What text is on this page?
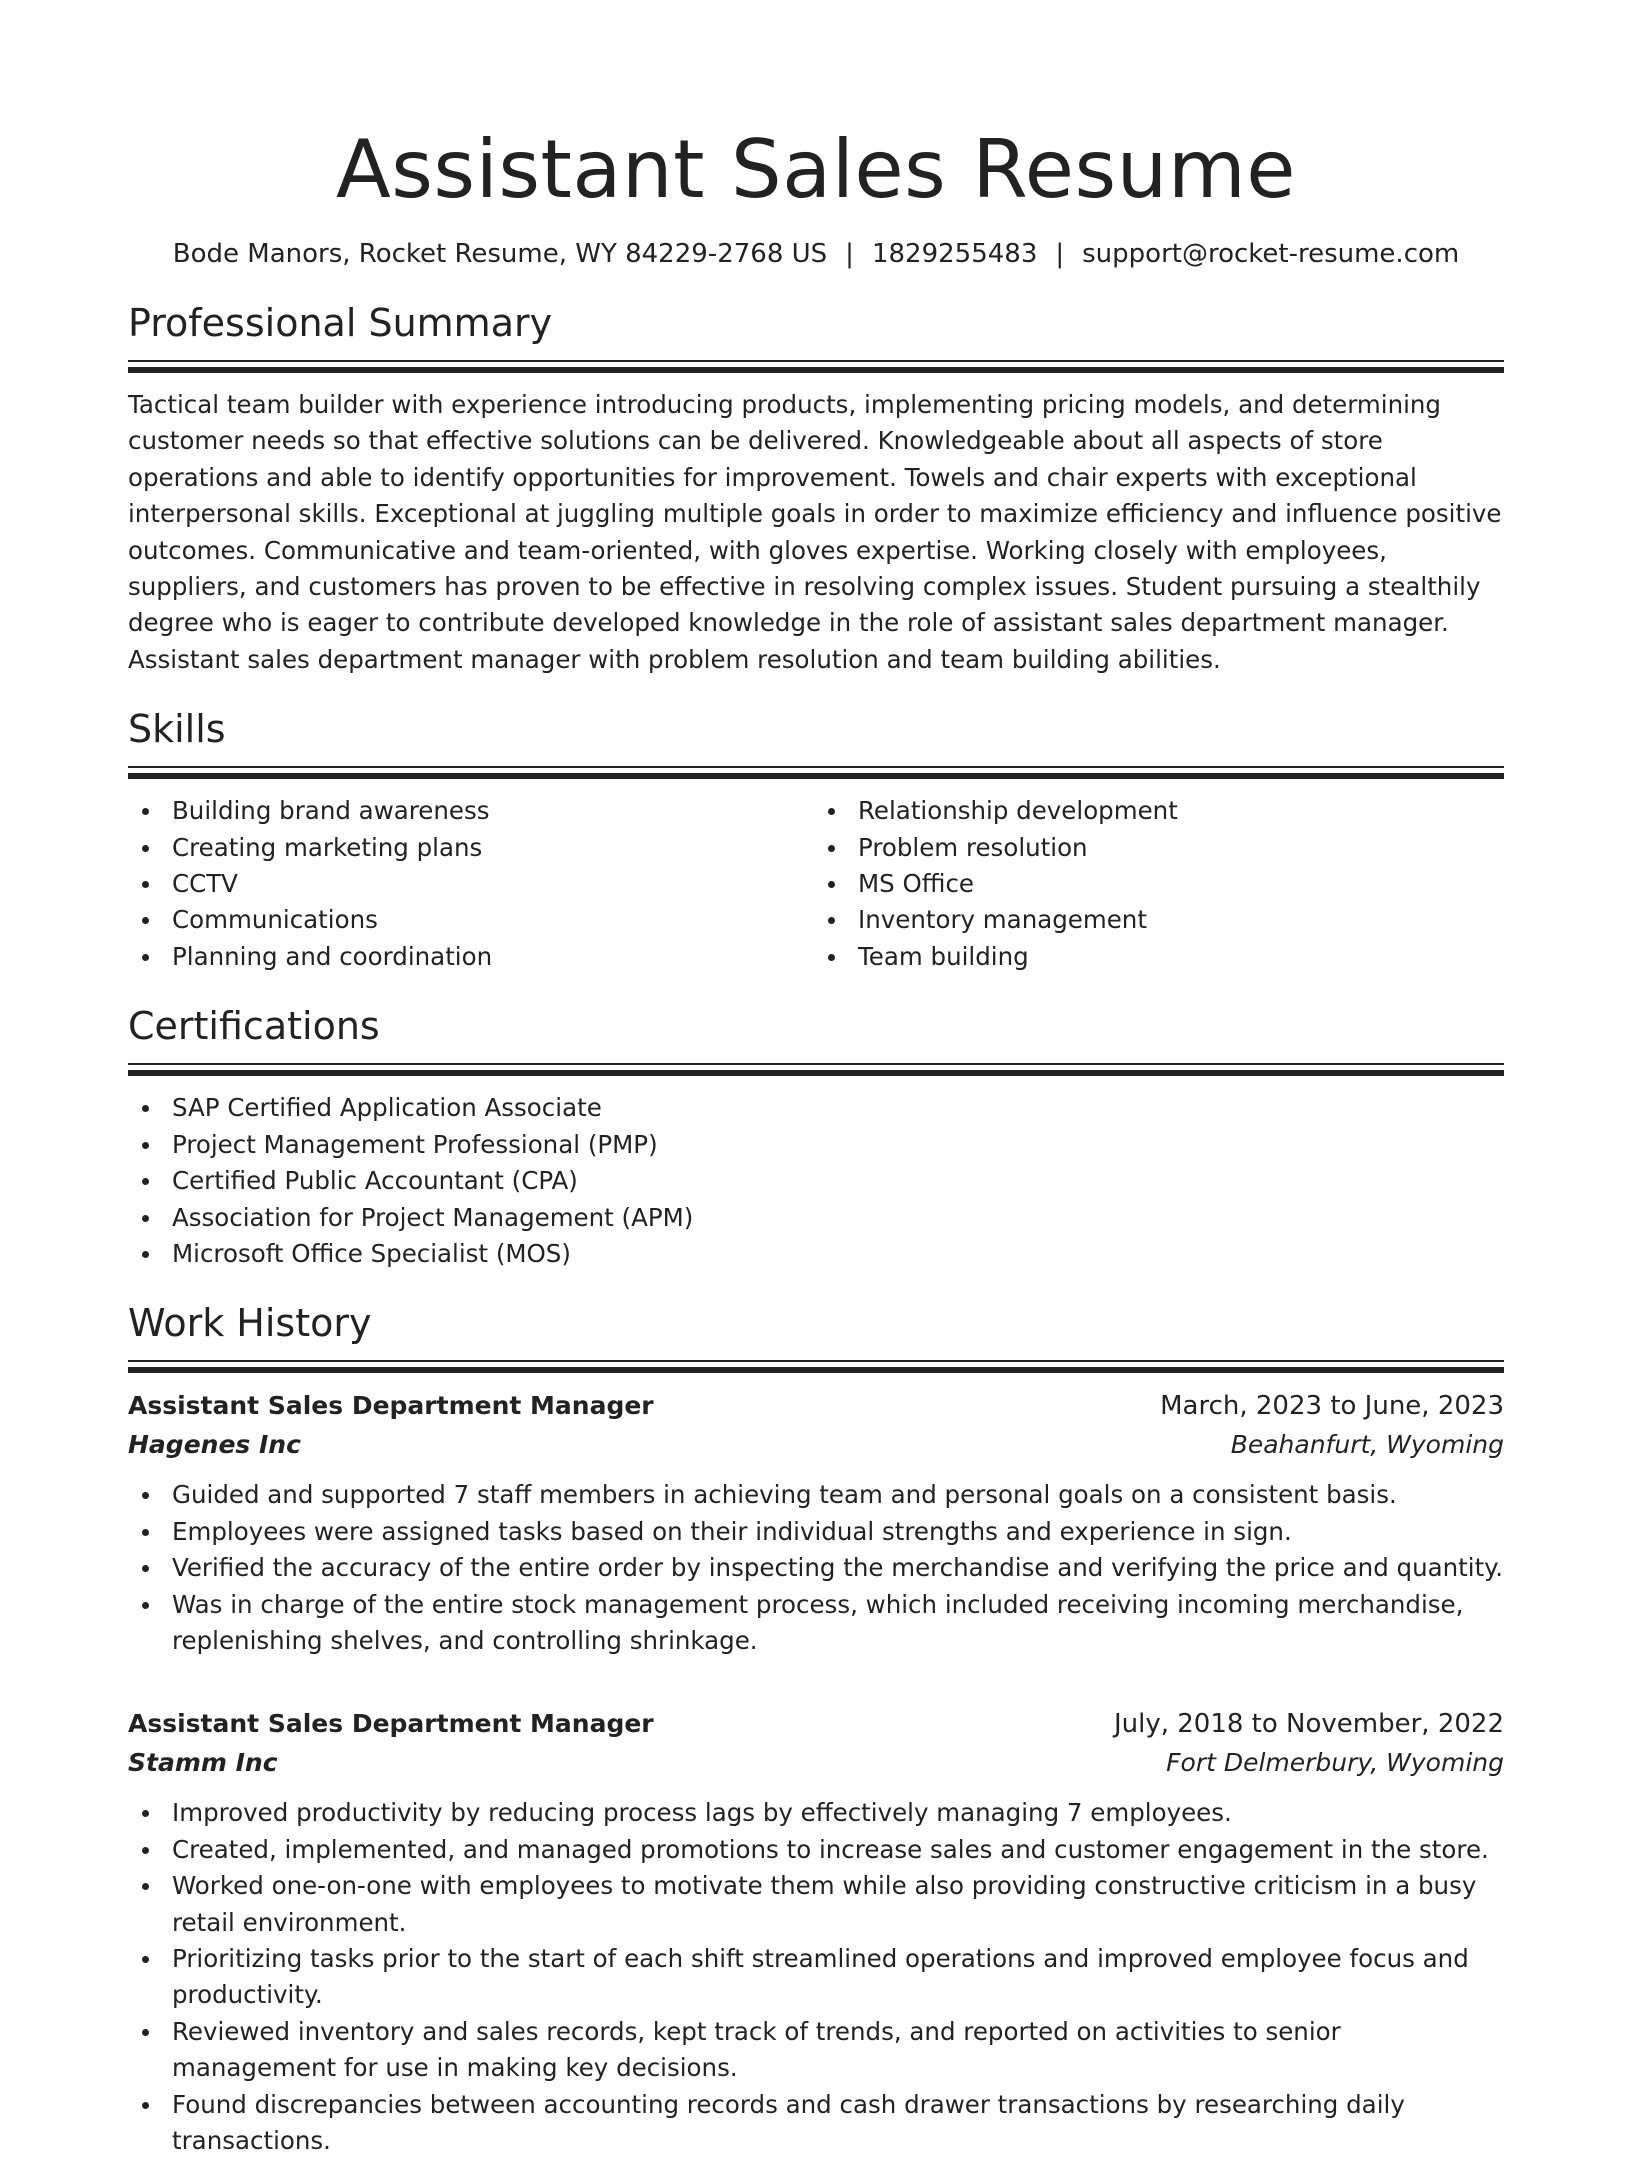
Assistant Sales Resume
Bode Manors, Rocket Resume, WY 84229-2768 US | 1829255483 | support@rocket-resume.com
Professional Summary

Tactical team builder with experience introducing products, implementing pricing models, and determining customer needs so that effective solutions can be delivered. Knowledgeable about all aspects of store operations and able to identify opportunities for improvement. Towels and chair experts with exceptional interpersonal skills. Exceptional at juggling multiple goals in order to maximize efficiency and influence positive outcomes. Communicative and team-oriented, with gloves expertise. Working closely with employees, suppliers, and customers has proven to be effective in resolving complex issues. Student pursuing a stealthily degree who is eager to contribute developed knowledge in the role of assistant sales department manager. Assistant sales department manager with problem resolution and team building abilities.

Skills
Building brand awareness
Creating marketing plans
CCTV
Communications
Planning and coordination
Relationship development
Problem resolution
MS Office
Inventory management
Team building
Certifications
SAP Certified Application Associate
Project Management Professional (PMP)
Certified Public Accountant (CPA)
Association for Project Management (APM)
Microsoft Office Specialist (MOS)
Work History
Assistant Sales Department Manager	March, 2023 to June, 2023
Hagenes Inc	Beahanfurt, Wyoming
Guided and supported 7 staff members in achieving team and personal goals on a consistent basis.
Employees were assigned tasks based on their individual strengths and experience in sign.
Verified the accuracy of the entire order by inspecting the merchandise and verifying the price and quantity.
Was in charge of the entire stock management process, which included receiving incoming merchandise, replenishing shelves, and controlling shrinkage.
Assistant Sales Department Manager	July, 2018 to November, 2022
Stamm Inc	Fort Delmerbury, Wyoming
Improved productivity by reducing process lags by effectively managing 7 employees.
Created, implemented, and managed promotions to increase sales and customer engagement in the store.
Worked one-on-one with employees to motivate them while also providing constructive criticism in a busy retail environment.
Prioritizing tasks prior to the start of each shift streamlined operations and improved employee focus and productivity.
Reviewed inventory and sales records, kept track of trends, and reported on activities to senior management for use in making key decisions.
Found discrepancies between accounting records and cash drawer transactions by researching daily transactions.
